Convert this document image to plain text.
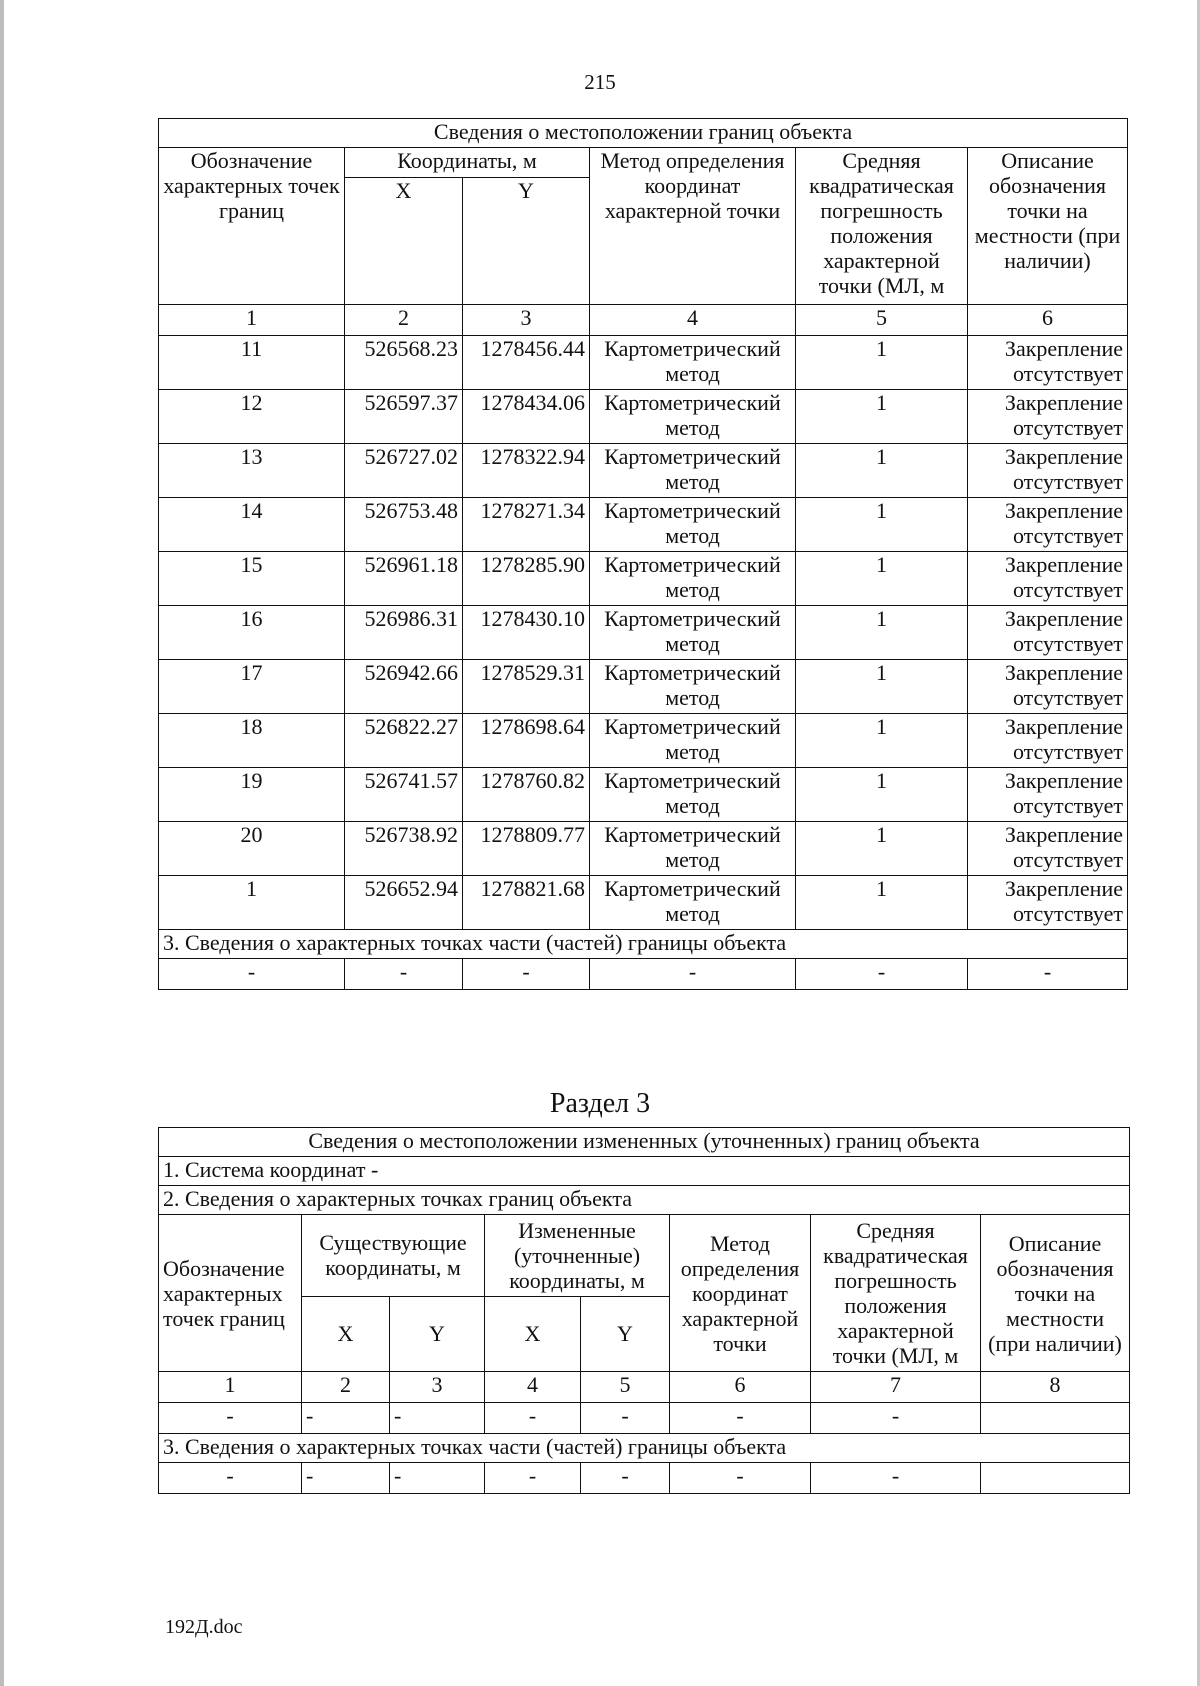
215
Сведения о местоположении границ объекта					
Обозначение характерных точек границ	Координаты, м		Метод определения координат характерной точки	Средняя квадратическая погрешность положения характерной точки (МЛ, м	Описание обозначения точки на местности (при наличии)
	X	Y			
1	2	3	4	5	6
11	526568.23	1278456.44	Картометрический метод	1	Закрепление отсутствует
12	526597.37	1278434.06	Картометрический метод	1	Закрепление отсутствует
13	526727.02	1278322.94	Картометрический метод	1	Закрепление отсутствует
14	526753.48	1278271.34	Картометрический метод	1	Закрепление отсутствует
15	526961.18	1278285.90	Картометрический метод	1	Закрепление отсутствует
16	526986.31	1278430.10	Картометрический метод	1	Закрепление отсутствует
17	526942.66	1278529.31	Картометрический метод	1	Закрепление отсутствует
18	526822.27	1278698.64	Картометрический метод	1	Закрепление отсутствует
19	526741.57	1278760.82	Картометрический метод	1	Закрепление отсутствует
20	526738.92	1278809.77	Картометрический метод	1	Закрепление отсутствует
1	526652.94	1278821.68	Картометрический метод	1	Закрепление отсутствует
3. Сведения о характерных точках части (частей) границы объекта					
-	-	-	-	-	-
Раздел 3
Сведения о местоположении измененных (уточненных) границ объекта							
1. Система координат -							
2. Сведения о характерных точках границ объекта							
Обозначение характерных точек границ	Существующие координаты, м		Измененные (уточненные) координаты, м		Метод определения координат характерной точки	Средняя квадратическая погрешность положения характерной точки (МЛ, м	Описание обозначения точки на местности (при наличии)
	X	Y	X	Y			
1	2	3	4	5	6	7	8
-	-	-	-	-	-	-	
3. Сведения о характерных точках части (частей) границы объекта							
-	-	-	-	-	-	-	
192Д.doc
